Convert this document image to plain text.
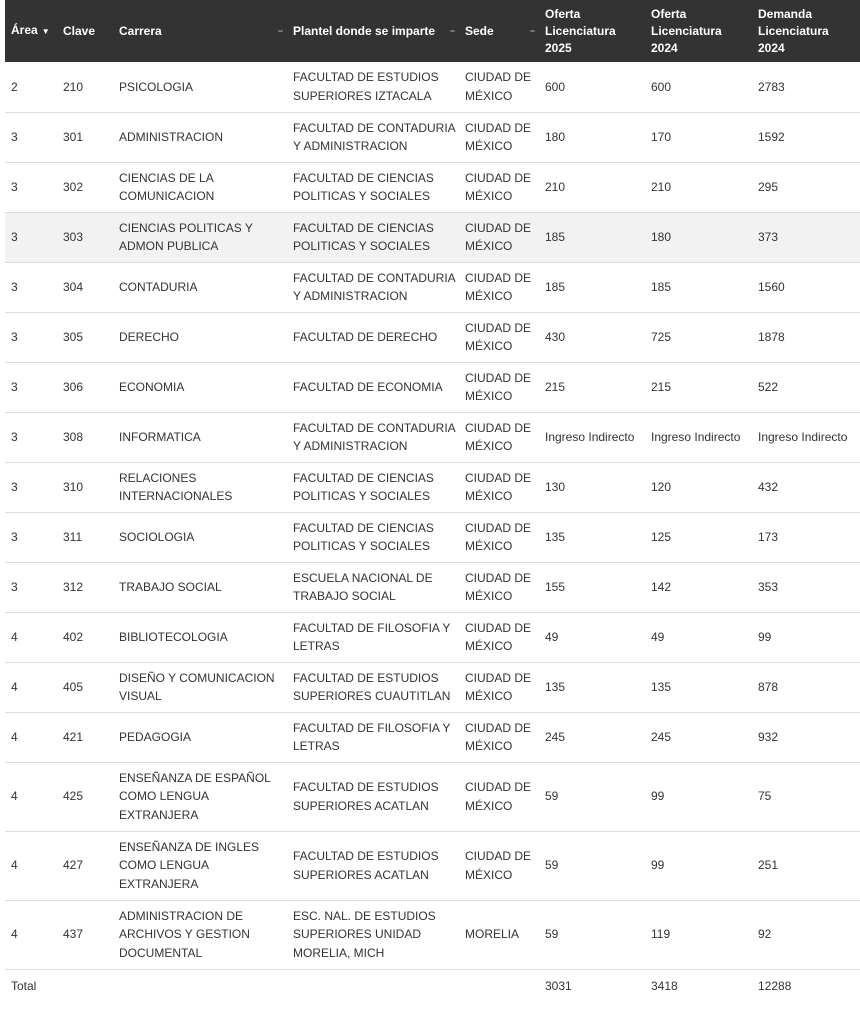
Área ▼	Clave	Carrera –	Plantel donde se imparte –	Sede –	Oferta
Licenciatura
2025	Oferta
Licenciatura
2024	Demanda
Licenciatura
2024
2	210	PSICOLOGIA	FACULTAD DE ESTUDIOS
SUPERIORES IZTACALA	CIUDAD DE
MÉXICO	600	600	2783
3	301	ADMINISTRACION	FACULTAD DE CONTADURIA
Y ADMINISTRACION	CIUDAD DE
MÉXICO	180	170	1592
3	302	CIENCIAS DE LA
COMUNICACION	FACULTAD DE CIENCIAS
POLITICAS Y SOCIALES	CIUDAD DE
MÉXICO	210	210	295
3	303	CIENCIAS POLITICAS Y
ADMON PUBLICA	FACULTAD DE CIENCIAS
POLITICAS Y SOCIALES	CIUDAD DE
MÉXICO	185	180	373
3	304	CONTADURIA	FACULTAD DE CONTADURIA
Y ADMINISTRACION	CIUDAD DE
MÉXICO	185	185	1560
3	305	DERECHO	FACULTAD DE DERECHO	CIUDAD DE
MÉXICO	430	725	1878
3	306	ECONOMIA	FACULTAD DE ECONOMIA	CIUDAD DE
MÉXICO	215	215	522
3	308	INFORMATICA	FACULTAD DE CONTADURIA
Y ADMINISTRACION	CIUDAD DE
MÉXICO	Ingreso Indirecto	Ingreso Indirecto	Ingreso Indirecto
3	310	RELACIONES
INTERNACIONALES	FACULTAD DE CIENCIAS
POLITICAS Y SOCIALES	CIUDAD DE
MÉXICO	130	120	432
3	311	SOCIOLOGIA	FACULTAD DE CIENCIAS
POLITICAS Y SOCIALES	CIUDAD DE
MÉXICO	135	125	173
3	312	TRABAJO SOCIAL	ESCUELA NACIONAL DE
TRABAJO SOCIAL	CIUDAD DE
MÉXICO	155	142	353
4	402	BIBLIOTECOLOGIA	FACULTAD DE FILOSOFIA Y
LETRAS	CIUDAD DE
MÉXICO	49	49	99
4	405	DISEÑO Y COMUNICACION
VISUAL	FACULTAD DE ESTUDIOS
SUPERIORES CUAUTITLAN	CIUDAD DE
MÉXICO	135	135	878
4	421	PEDAGOGIA	FACULTAD DE FILOSOFIA Y
LETRAS	CIUDAD DE
MÉXICO	245	245	932
4	425	ENSEÑANZA DE ESPAÑOL
COMO LENGUA
EXTRANJERA	FACULTAD DE ESTUDIOS
SUPERIORES ACATLAN	CIUDAD DE
MÉXICO	59	99	75
4	427	ENSEÑANZA DE INGLES
COMO LENGUA
EXTRANJERA	FACULTAD DE ESTUDIOS
SUPERIORES ACATLAN	CIUDAD DE
MÉXICO	59	99	251
4	437	ADMINISTRACION DE
ARCHIVOS Y GESTION
DOCUMENTAL	ESC. NAL. DE ESTUDIOS
SUPERIORES UNIDAD
MORELIA, MICH	MORELIA	59	119	92
Total					3031	3418	12288
